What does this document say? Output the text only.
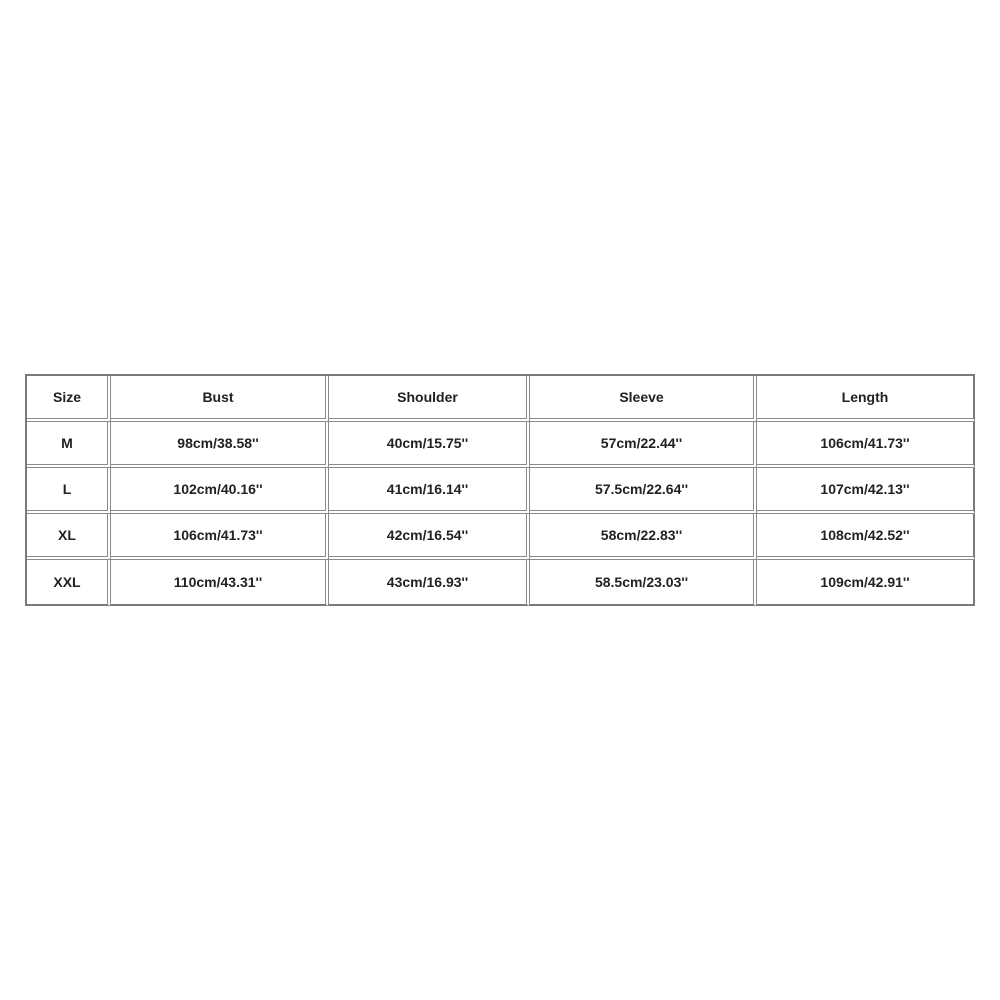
Size	Bust	Shoulder	Sleeve	Length
M	98cm/38.58''	40cm/15.75''	57cm/22.44''	106cm/41.73''
L	102cm/40.16''	41cm/16.14''	57.5cm/22.64''	107cm/42.13''
XL	106cm/41.73''	42cm/16.54''	58cm/22.83''	108cm/42.52''
XXL	110cm/43.31''	43cm/16.93''	58.5cm/23.03''	109cm/42.91''
